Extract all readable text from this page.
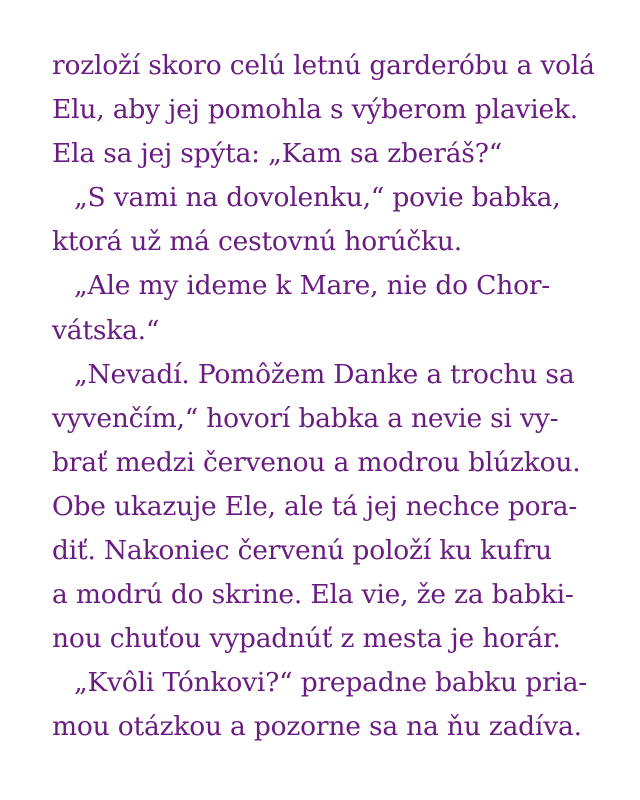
rozloží skoro celú letnú garderóbu a volá
Elu, aby jej pomohla s výberom plaviek.
Ela sa jej spýta: „Kam sa zberáš?“
„S vami na dovolenku,“ povie babka,
ktorá už má cestovnú horúčku.
„Ale my ideme k Mare, nie do Chor-
vátska.“
„Nevadí. Pomôžem Danke a trochu sa
vyvenčím,“ hovorí babka a nevie si vy-
brať medzi červenou a modrou blúzkou.
Obe ukazuje Ele, ale tá jej nechce pora-
diť. Nakoniec červenú položí ku kufru
a modrú do skrine. Ela vie, že za babki-
nou chuťou vypadnúť z mesta je horár.
„Kvôli Tónkovi?“ prepadne babku pria-
mou otázkou a pozorne sa na ňu zadíva.
